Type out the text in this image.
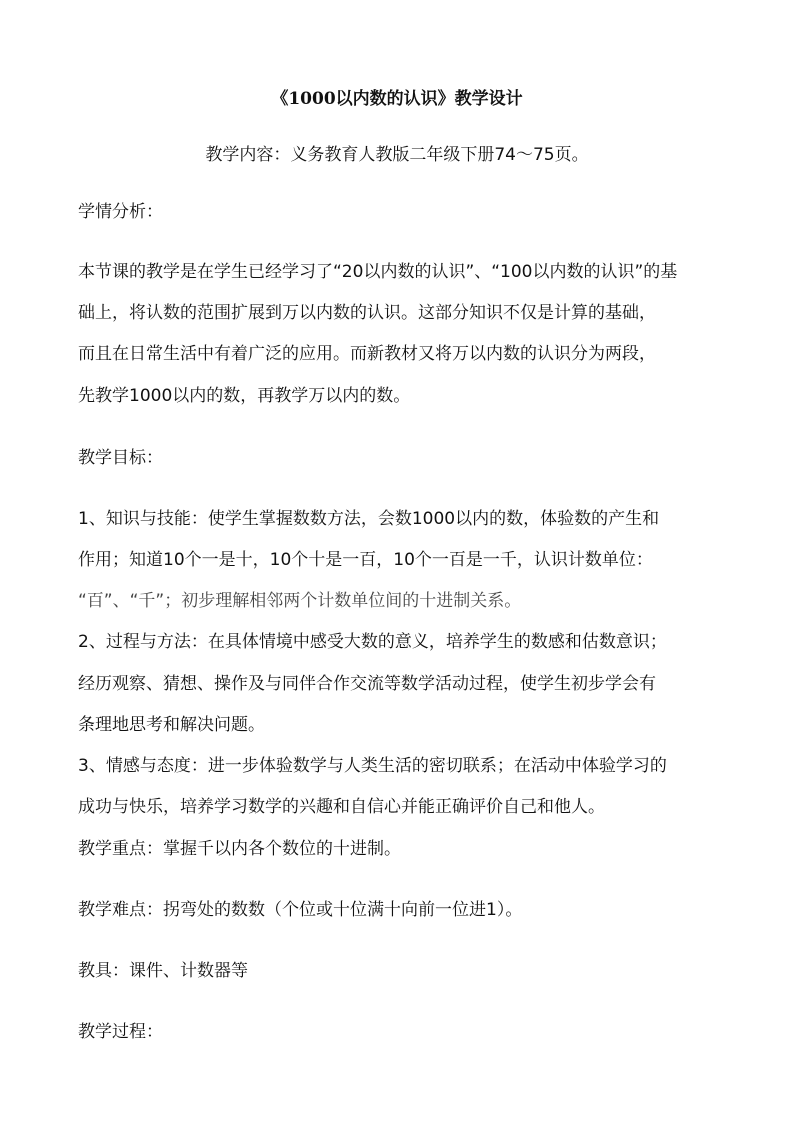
《1000以内数的认识》教学设计
教学内容：义务教育人教版二年级下册74～75页。
学情分析：
本节课的教学是在学生已经学习了“20以内数的认识”、“100以内数的认识”的基
础上，将认数的范围扩展到万以内数的认识。这部分知识不仅是计算的基础，
而且在日常生活中有着广泛的应用。而新教材又将万以内数的认识分为两段，
先教学1000以内的数，再教学万以内的数。
教学目标：
1、知识与技能：使学生掌握数数方法，会数1000以内的数，体验数的产生和
作用；知道10个一是十，10个十是一百，10个一百是一千，认识计数单位：
“百”、“千”；初步理解相邻两个计数单位间的十进制关系。
2、过程与方法：在具体情境中感受大数的意义，培养学生的数感和估数意识；
经历观察、猜想、操作及与同伴合作交流等数学活动过程，使学生初步学会有
条理地思考和解决问题。
3、情感与态度：进一步体验数学与人类生活的密切联系；在活动中体验学习的
成功与快乐，培养学习数学的兴趣和自信心并能正确评价自己和他人。
教学重点：掌握千以内各个数位的十进制。
教学难点：拐弯处的数数（个位或十位满十向前一位进1）。
教具：课件、计数器等
教学过程：
